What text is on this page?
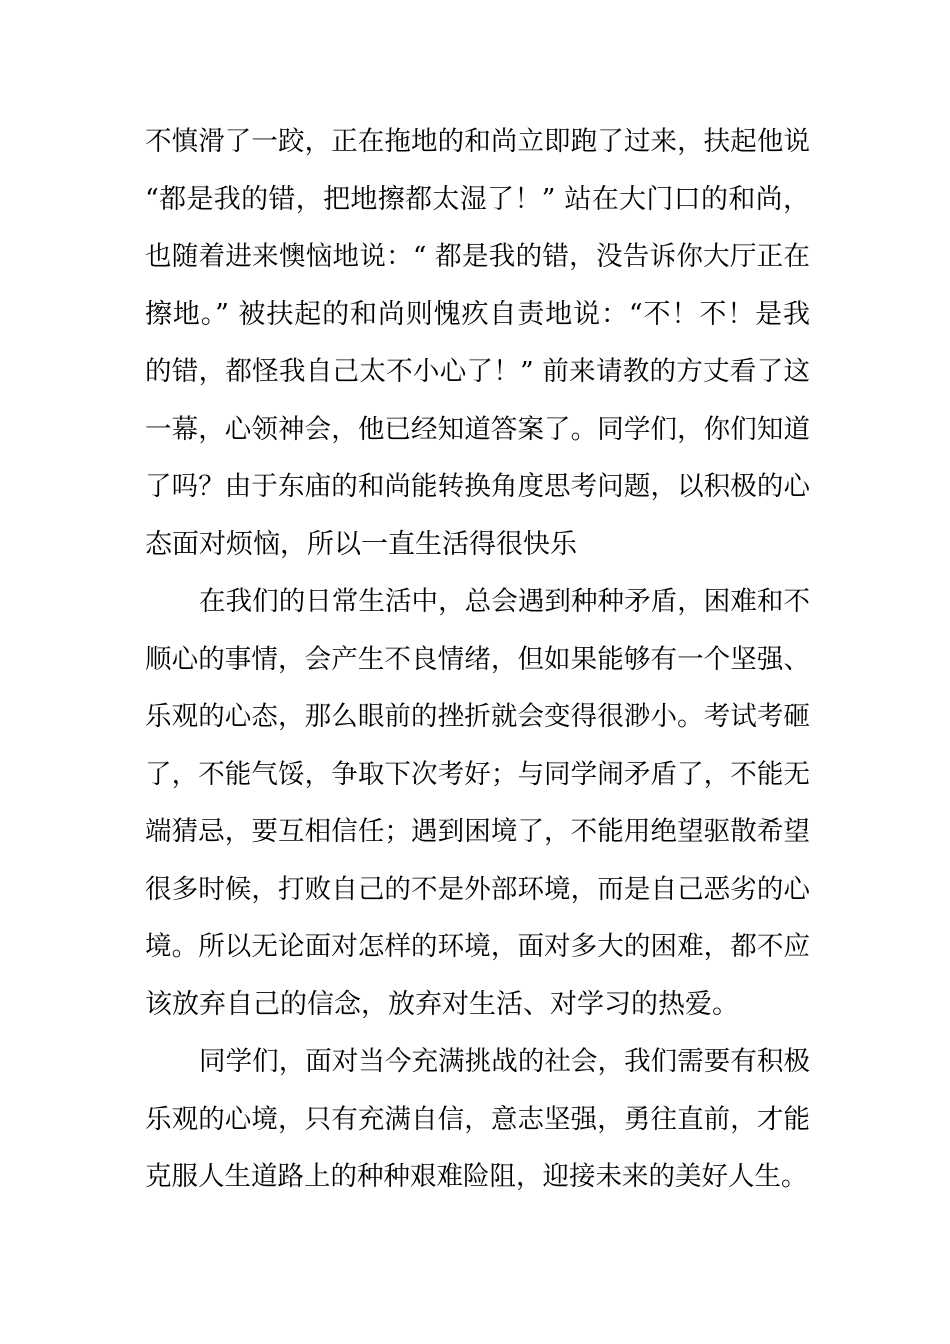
不慎滑了一跤，正在拖地的和尚立即跑了过来，扶起他说
“都是我的错，把地擦都太湿了！” 站在大门口的和尚，
也随着进来懊恼地说：“ 都是我的错，没告诉你大厅正在
擦地。” 被扶起的和尚则愧疚自责地说：“不！不！是我
的错，都怪我自己太不小心了！” 前来请教的方丈看了这
一幕，心领神会，他已经知道答案了。同学们，你们知道
了吗？由于东庙的和尚能转换角度思考问题，以积极的心
态面对烦恼，所以一直生活得很快乐
在我们的日常生活中，总会遇到种种矛盾，困难和不
顺心的事情，会产生不良情绪，但如果能够有一个坚强、
乐观的心态，那么眼前的挫折就会变得很渺小。考试考砸
了，不能气馁，争取下次考好；与同学闹矛盾了，不能无
端猜忌，要互相信任；遇到困境了，不能用绝望驱散希望
很多时候，打败自己的不是外部环境，而是自己恶劣的心
境。所以无论面对怎样的环境，面对多大的困难，都不应
该放弃自己的信念，放弃对生活、对学习的热爱。
同学们，面对当今充满挑战的社会，我们需要有积极
乐观的心境，只有充满自信，意志坚强，勇往直前，才能
克服人生道路上的种种艰难险阻，迎接未来的美好人生。
